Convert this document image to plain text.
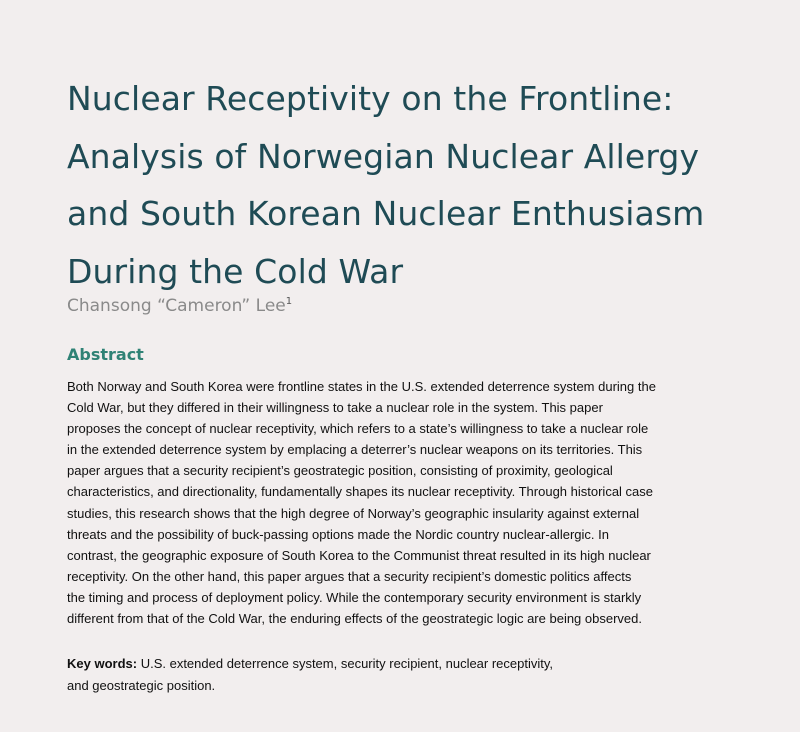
Nuclear Receptivity on the Frontline:
Analysis of Norwegian Nuclear Allergy
and South Korean Nuclear Enthusiasm
During the Cold War
Chansong “Cameron” Lee$^1$
Abstract

Both Norway and South Korea were frontline states in the U.S. extended deterrence system during the
Cold War, but they differed in their willingness to take a nuclear role in the system. This paper
proposes the concept of nuclear receptivity, which refers to a state’s willingness to take a nuclear role
in the extended deterrence system by emplacing a deterrer’s nuclear weapons on its territories. This
paper argues that a security recipient’s geostrategic position, consisting of proximity, geological
characteristics, and directionality, fundamentally shapes its nuclear receptivity. Through historical case
studies, this research shows that the high degree of Norway’s geographic insularity against external
threats and the possibility of buck-passing options made the Nordic country nuclear-allergic. In
contrast, the geographic exposure of South Korea to the Communist threat resulted in its high nuclear
receptivity. On the other hand, this paper argues that a security recipient’s domestic politics affects
the timing and process of deployment policy. While the contemporary security environment is starkly
different from that of the Cold War, the enduring effects of the geostrategic logic are being observed.

Key words: U.S. extended deterrence system, security recipient, nuclear receptivity,
and geostrategic position.
